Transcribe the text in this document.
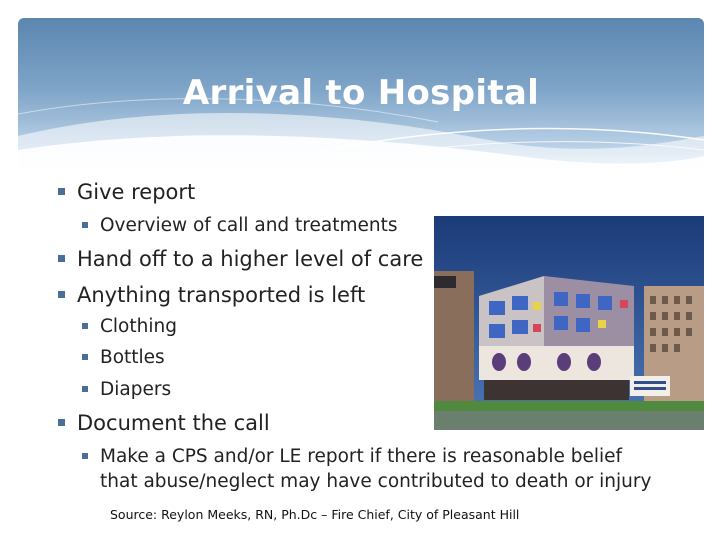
Arrival to Hospital
Give report
Overview of call and treatments
Hand off to a higher level of care
Anything transported is left
Clothing
Bottles
Diapers
Document the call
Make a CPS and/or LE report if there is reasonable belief that abuse/neglect may have contributed to death or injury
Source: Reylon Meeks, RN, Ph.Dc – Fire Chief, City of Pleasant Hill
